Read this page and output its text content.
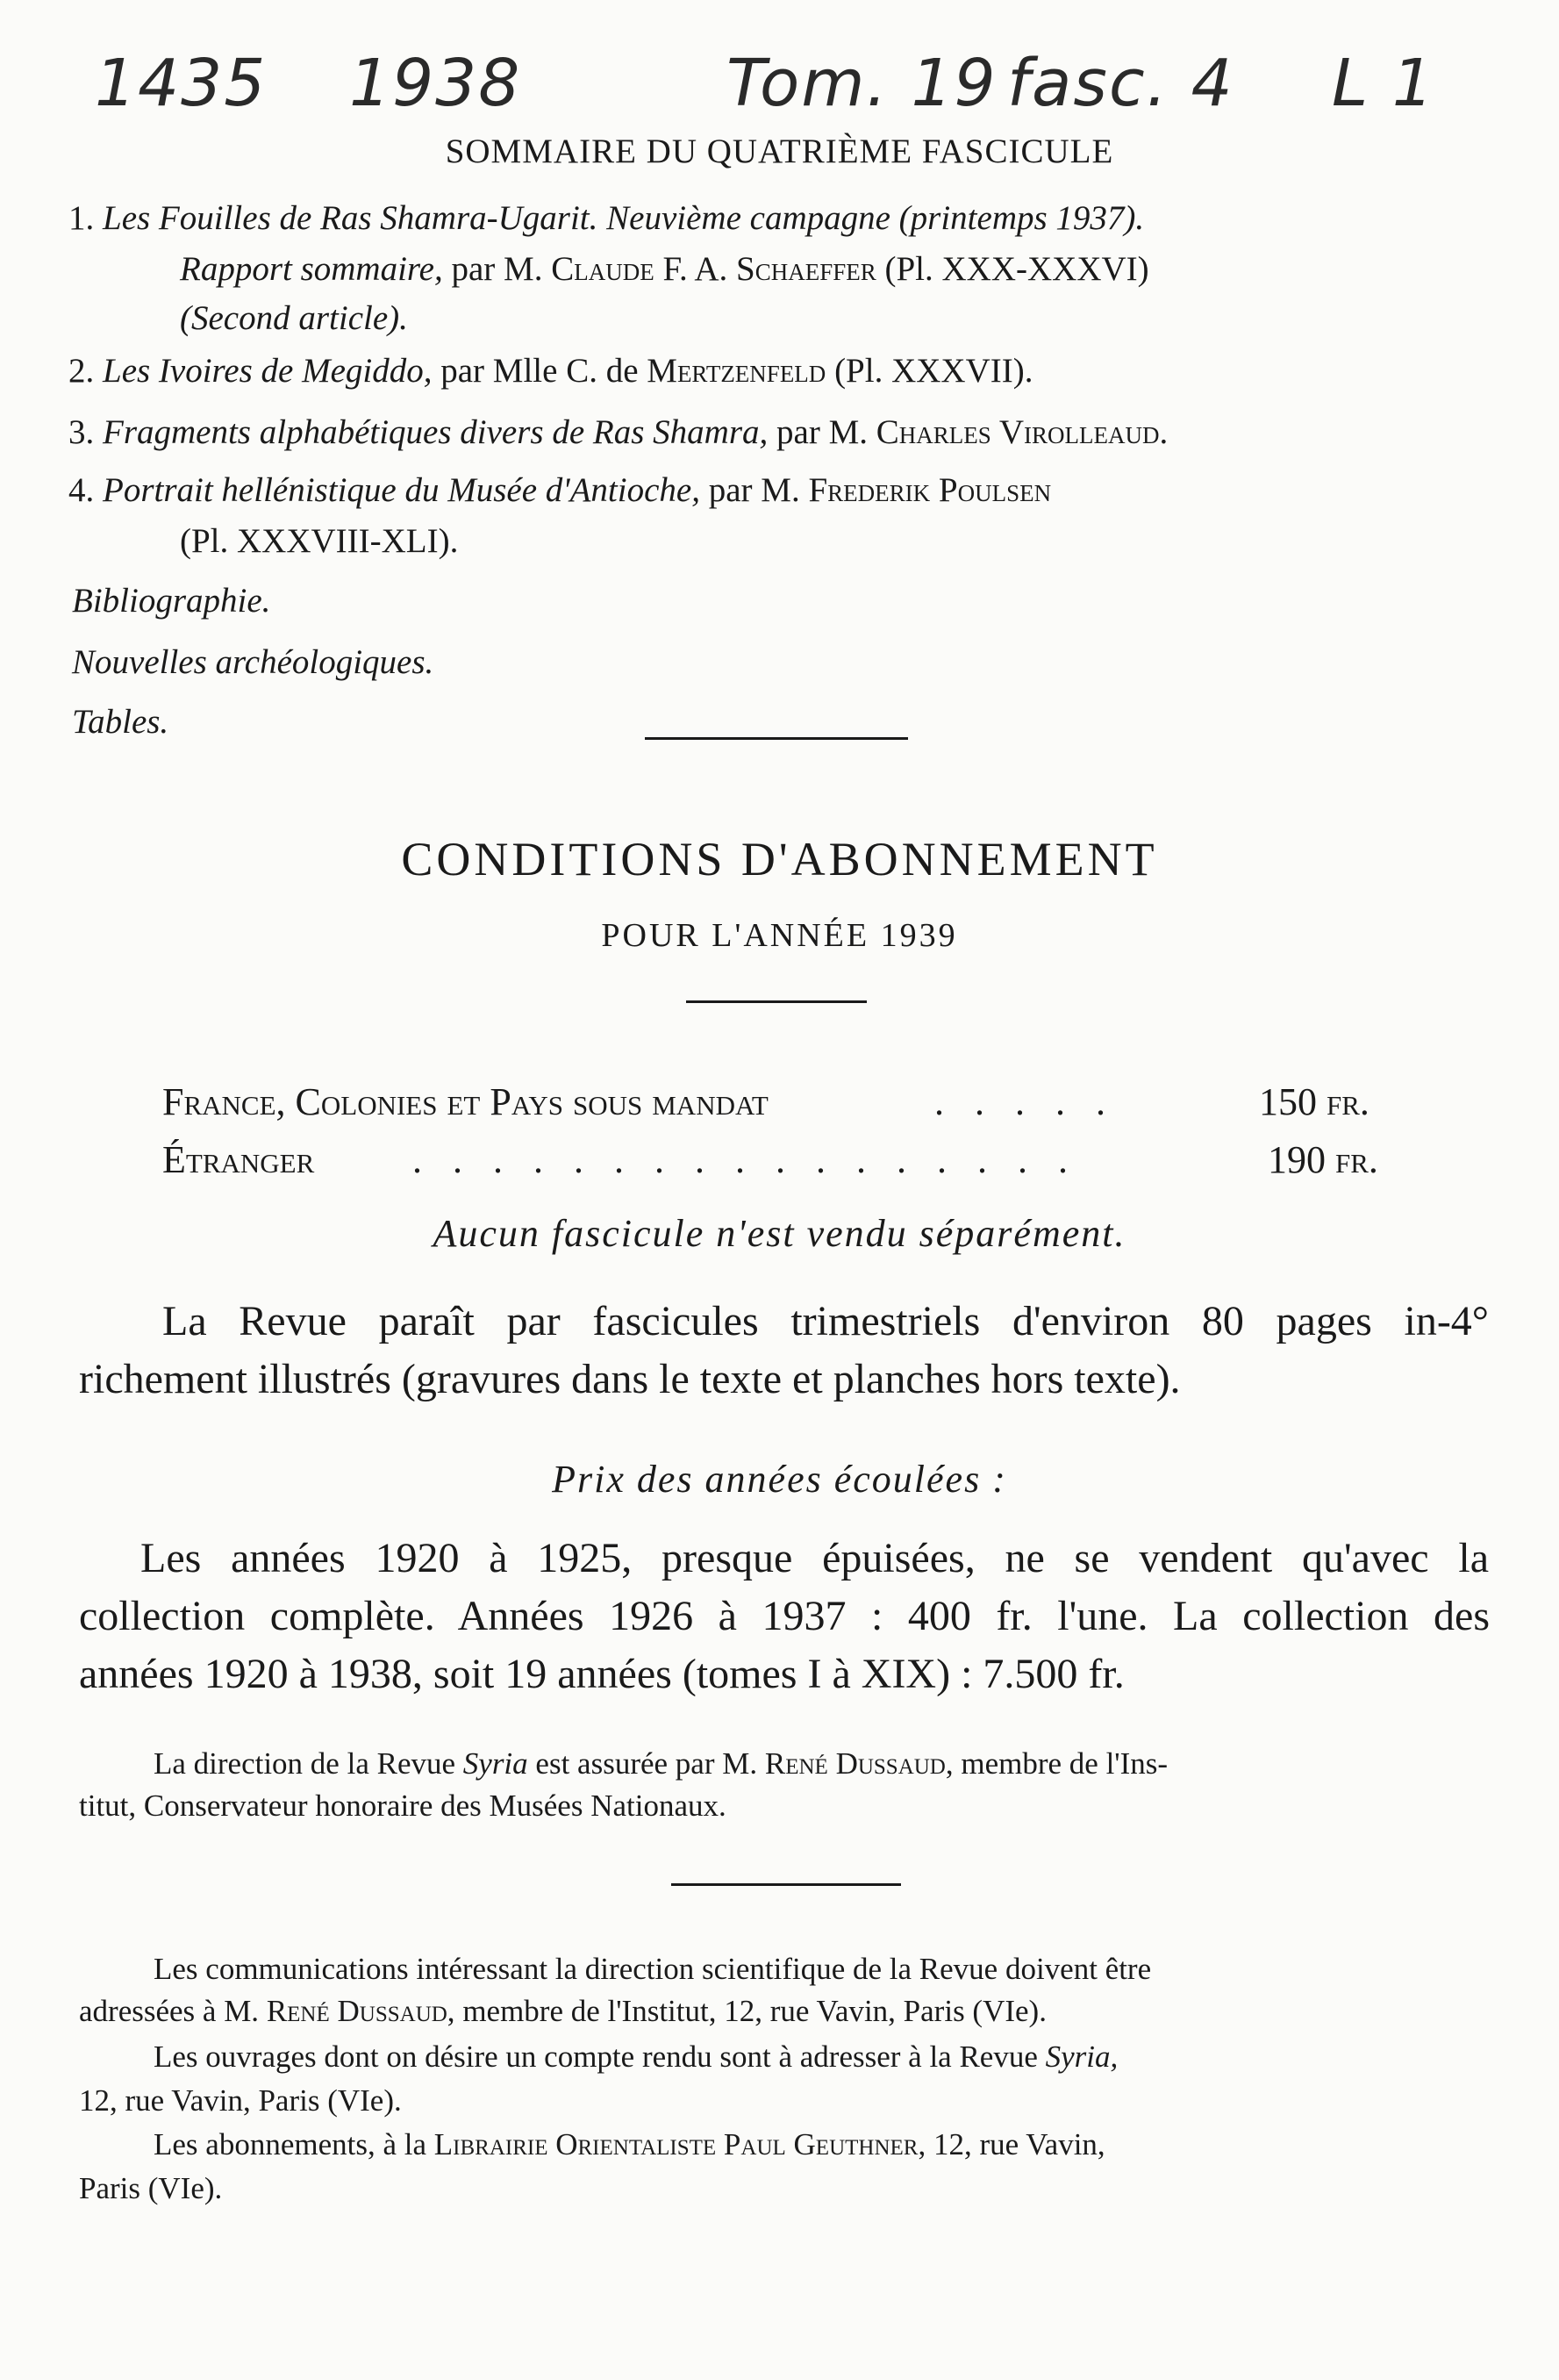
1435 1938	Tom. 19 fasc. 4 L 1
SOMMAIRE DU QUATRIÈME FASCICULE
1. Les Fouilles de Ras Shamra-Ugarit. Neuvième campagne (printemps 1937).
Rapport sommaire, par M. Claude F. A. Schaeffer (Pl. XXX-XXXVI)
(Second article).
2. Les Ivoires de Megiddo, par Mlle C. de Mertzenfeld (Pl. XXXVII).
3. Fragments alphabétiques divers de Ras Shamra, par M. Charles Virolleaud.
4. Portrait hellénistique du Musée d'Antioche, par M. Frederik Poulsen
(Pl. XXXVIII-XLI).
Bibliographie.
Nouvelles archéologiques.
Tables.
CONDITIONS D'ABONNEMENT
POUR L'ANNÉE 1939
France, Colonies et Pays sous mandat	. . . . .	150 fr.
Étranger	. . . . . . . . . . . . . . . . .	190 fr.
Aucun fascicule n'est vendu séparément.
La Revue paraît par fascicules trimestriels d'environ 80 pages in-4°
richement illustrés (gravures dans le texte et planches hors texte).
Prix des années écoulées :
Les années 1920 à 1925, presque épuisées, ne se vendent qu'avec la
collection complète. Années 1926 à 1937 : 400 fr. l'une. La collection des
années 1920 à 1938, soit 19 années (tomes I à XIX) : 7.500 fr.
La direction de la Revue Syria est assurée par M. René Dussaud, membre de l'Ins-
titut, Conservateur honoraire des Musées Nationaux.
Les communications intéressant la direction scientifique de la Revue doivent être
adressées à M. René Dussaud, membre de l'Institut, 12, rue Vavin, Paris (VIe).
Les ouvrages dont on désire un compte rendu sont à adresser à la Revue Syria,
12, rue Vavin, Paris (VIe).
Les abonnements, à la Librairie Orientaliste Paul Geuthner, 12, rue Vavin,
Paris (VIe).
